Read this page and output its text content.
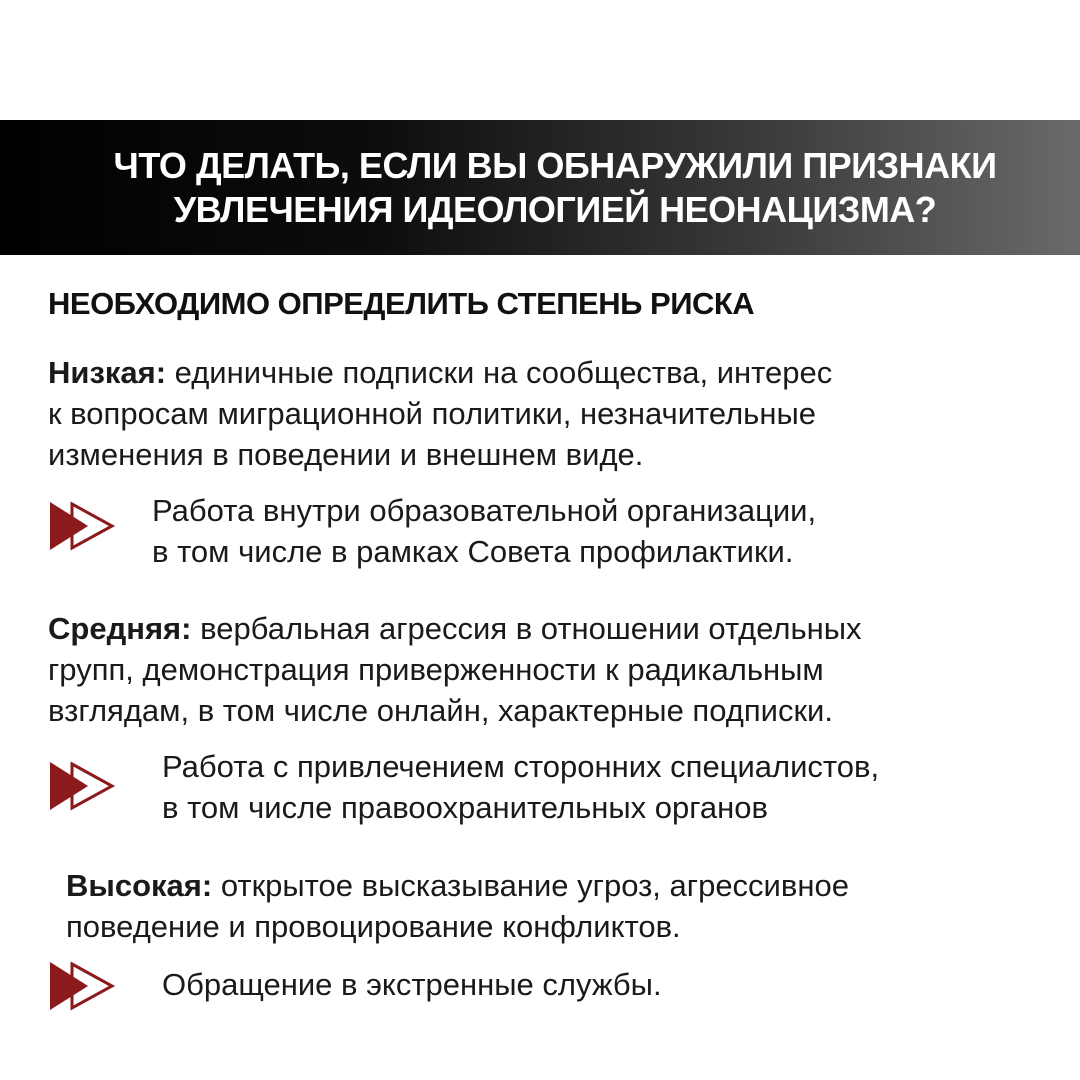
ЧТО ДЕЛАТЬ, ЕСЛИ ВЫ ОБНАРУЖИЛИ ПРИЗНАКИ
УВЛЕЧЕНИЯ ИДЕОЛОГИЕЙ НЕОНАЦИЗМА?
НЕОБХОДИМО ОПРЕДЕЛИТЬ СТЕПЕНЬ РИСКА

Низкая: единичные подписки на сообщества, интерес
к вопросам миграционной политики, незначительные
изменения в поведении и внешнем виде.

Работа внутри образовательной организации,
в том числе в рамках Совета профилактики.

Средняя: вербальная агрессия в отношении отдельных
групп, демонстрация приверженности к радикальным
взглядам, в том числе онлайн, характерные подписки.

Работа с привлечением сторонних специалистов,
в том числе правоохранительных органов

Высокая: открытое высказывание угроз, агрессивное
поведение и провоцирование конфликтов.

Обращение в экстренные службы.
